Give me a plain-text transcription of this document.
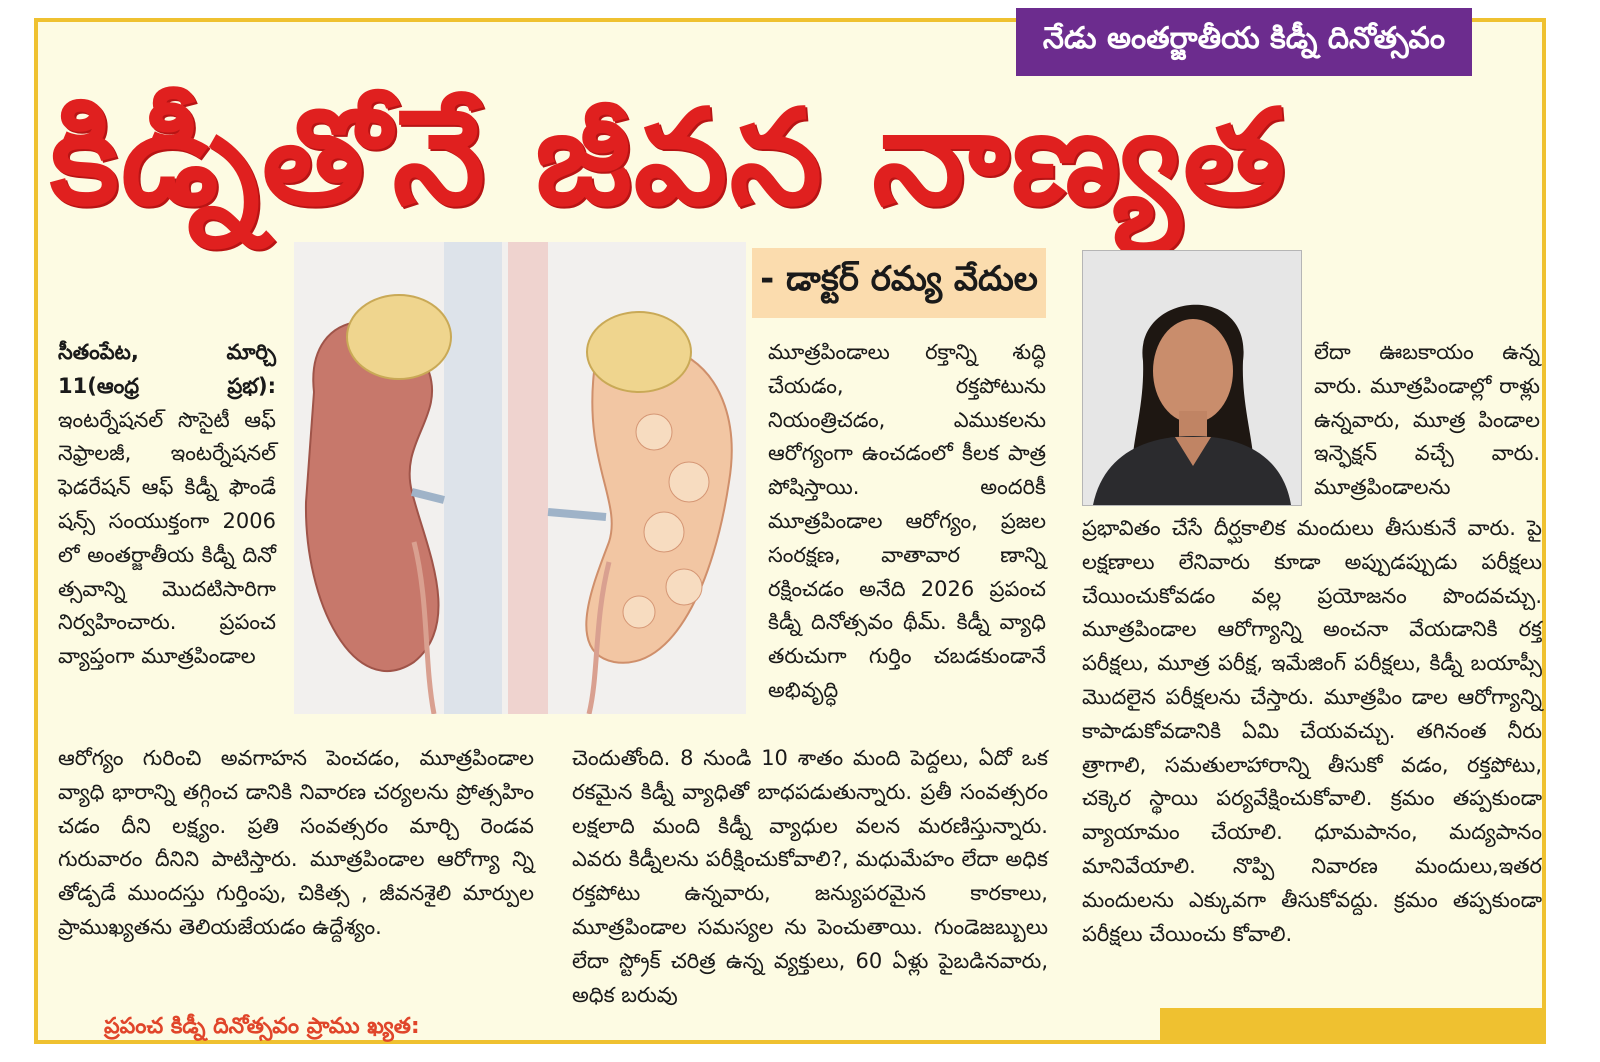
నేడు అంతర్జాతీయ కిడ్నీ దినోత్సవం
కిడ్నీతోనే జీవన నాణ్యత
- డాక్టర్ రమ్య వేదుల
సీతంపేట, మార్చి 11(ఆంధ్ర ప్రభ): ఇంటర్నేషనల్ సొసైటీ ఆఫ్ నెఫ్రాలజీ, ఇంటర్నేషనల్ ఫెడరేషన్ ఆఫ్ కిడ్నీ ఫౌండే షన్స్ సంయుక్తంగా 2006 లో అంతర్జాతీయ కిడ్నీ దినో త్సవాన్ని మొదటిసారిగా నిర్వహించారు. ప్రపంచ వ్యాప్తంగా మూత్రపిండాల

ఆరోగ్యం గురించి అవగాహన పెంచడం, మూత్రపిండాల వ్యాధి భారాన్ని తగ్గించ డానికి నివారణ చర్యలను ప్రోత్సహిం చడం దీని లక్ష్యం. ప్రతి సంవత్సరం మార్చి రెండవ గురువారం దీనిని పాటిస్తారు. మూత్రపిండాల ఆరోగ్యా న్ని తోడ్పడే ముందస్తు గుర్తింపు, చికిత్స , జీవనశైలి మార్పుల ప్రాముఖ్యతను తెలియజేయడం ఉద్దేశ్యం.

ప్రపంచ కిడ్నీ దినోత్సవం ప్రాము ఖ్యత:

మూత్రపిండాలు రక్తాన్ని శుద్ధి చేయడం, రక్తపోటును నియంత్రిచడం, ఎముకలను ఆరోగ్యంగా ఉంచడంలో కీలక పాత్ర పోషిస్తాయి. అందరికీ మూత్రపిండాల ఆరోగ్యం, ప్రజల సంరక్షణ, వాతావార ణాన్ని రక్షించడం అనేది 2026 ప్రపంచ కిడ్నీ దినోత్సవం థీమ్. కిడ్నీ వ్యాధి తరుచుగా గుర్తిం చబడకుండానే అభివృద్ధి

చెందుతోంది. 8 నుండి 10 శాతం మంది పెద్దలు, ఏదో ఒక రకమైన కిడ్నీ వ్యాధితో బాధపడుతున్నారు. ప్రతీ సంవత్సరం లక్షలాది మంది కిడ్నీ వ్యాధుల వలన మరణిస్తున్నారు. ఎవరు కిడ్నీలను పరీక్షించుకోవాలి?, మధుమేహం లేదా అధిక రక్తపోటు ఉన్నవారు, జన్యుపరమైన కారకాలు, మూత్రపిండాల సమస్యల ను పెంచుతాయి. గుండెజబ్బులు లేదా స్ట్రోక్ చరిత్ర ఉన్న వ్యక్తులు, 60 ఏళ్లు పైబడినవారు, అధిక బరువు

లేదా ఊబకాయం ఉన్న వారు. మూత్రపిండాల్లో రాళ్లు ఉన్నవారు, మూత్ర పిండాల ఇన్ఫెక్షన్ వచ్చే వారు. మూత్రపిండాలను

ప్రభావితం చేసే దీర్ఘకాలిక మందులు తీసుకునే వారు. పై లక్షణాలు లేనివారు కూడా అప్పుడప్పుడు పరీక్షలు చేయించుకోవడం వల్ల ప్రయోజనం పొందవచ్చు. మూత్రపిండాల ఆరోగ్యాన్ని అంచనా వేయడానికి రక్త పరీక్షలు, మూత్ర పరీక్ష, ఇమేజింగ్ పరీక్షలు, కిడ్నీ బయాప్సీ మొదలైన పరీక్షలను చేస్తారు. మూత్రపిం డాల ఆరోగ్యాన్ని కాపాడుకోవడానికి ఏమి చేయవచ్చు. తగినంత నీరు త్రాగాలి, సమతులాహారాన్ని తీసుకో వడం, రక్తపోటు, చక్కెర స్థాయి పర్యవేక్షించుకోవాలి. క్రమం తప్పకుండా వ్యాయామం చేయాలి. ధూమపానం, మద్యపానం మానివేయాలి. నొప్పి నివారణ మందులు,ఇతర మందులను ఎక్కువగా తీసుకోవద్దు. క్రమం తప్పకుండా పరీక్షలు చేయించు కోవాలి.
